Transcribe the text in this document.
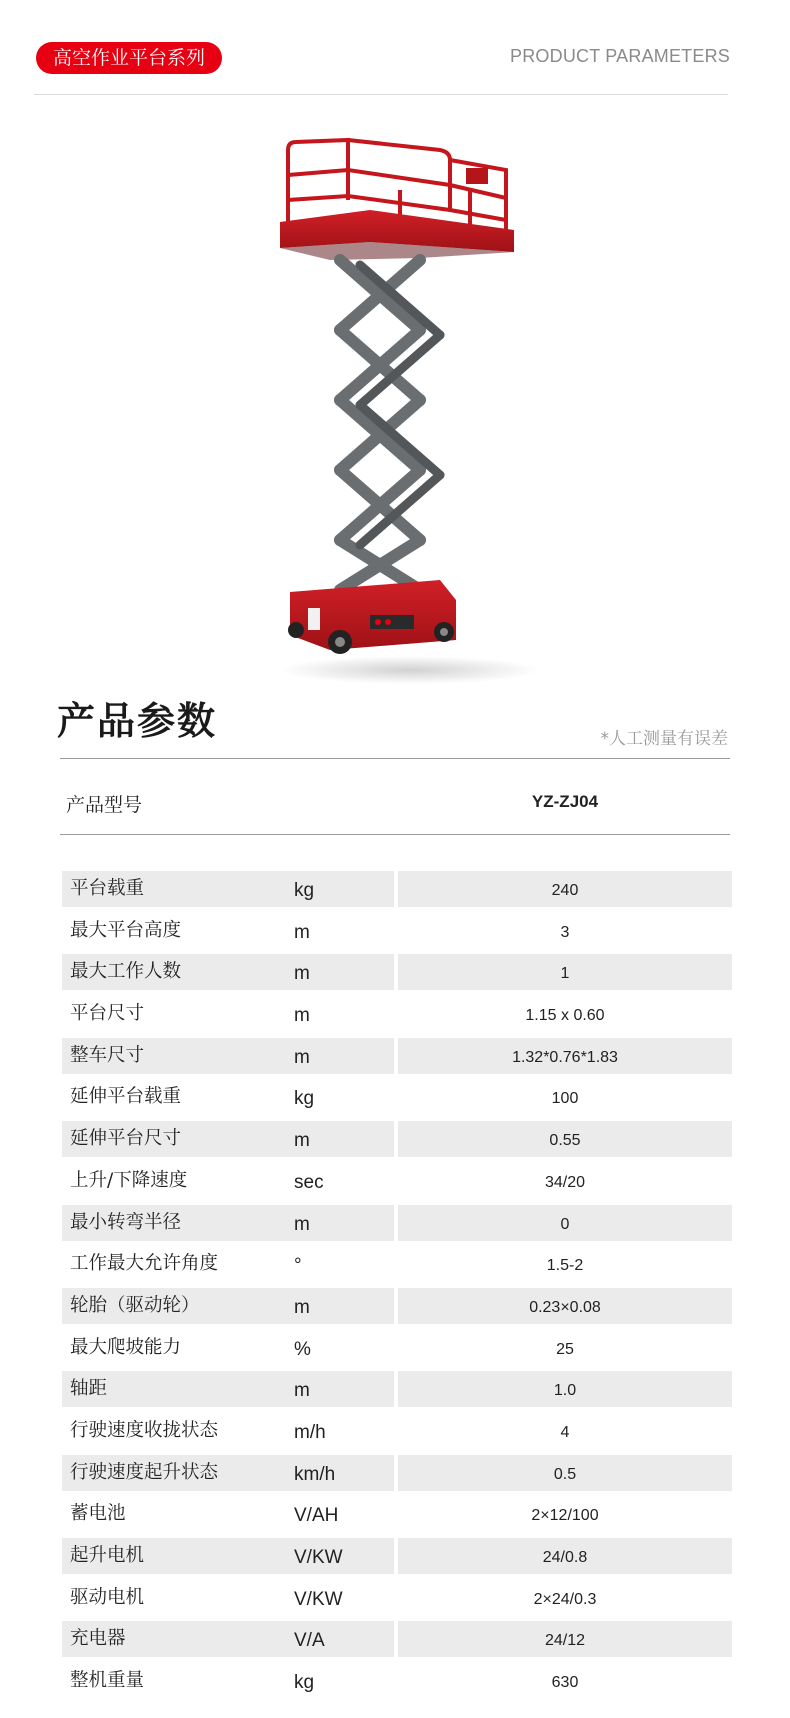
高空作业平台系列	PRODUCT PARAMETERS
产品参数	*人工测量有误差
产品型号	YZ-ZJ04
平台载重	kg	240
最大平台高度	m	3
最大工作人数	m	1
平台尺寸	m	1.15 x 0.60
整车尺寸	m	1.32*0.76*1.83
延伸平台载重	kg	100
延伸平台尺寸	m	0.55
上升/下降速度	sec	34/20
最小转弯半径	m	0
工作最大允许角度	°	1.5-2
轮胎（驱动轮）	m	0.23×0.08
最大爬坡能力	%	25
轴距	m	1.0
行驶速度收拢状态	m/h	4
行驶速度起升状态	km/h	0.5
蓄电池	V/AH	2×12/100
起升电机	V/KW	24/0.8
驱动电机	V/KW	2×24/0.3
充电器	V/A	24/12
整机重量	kg	630
